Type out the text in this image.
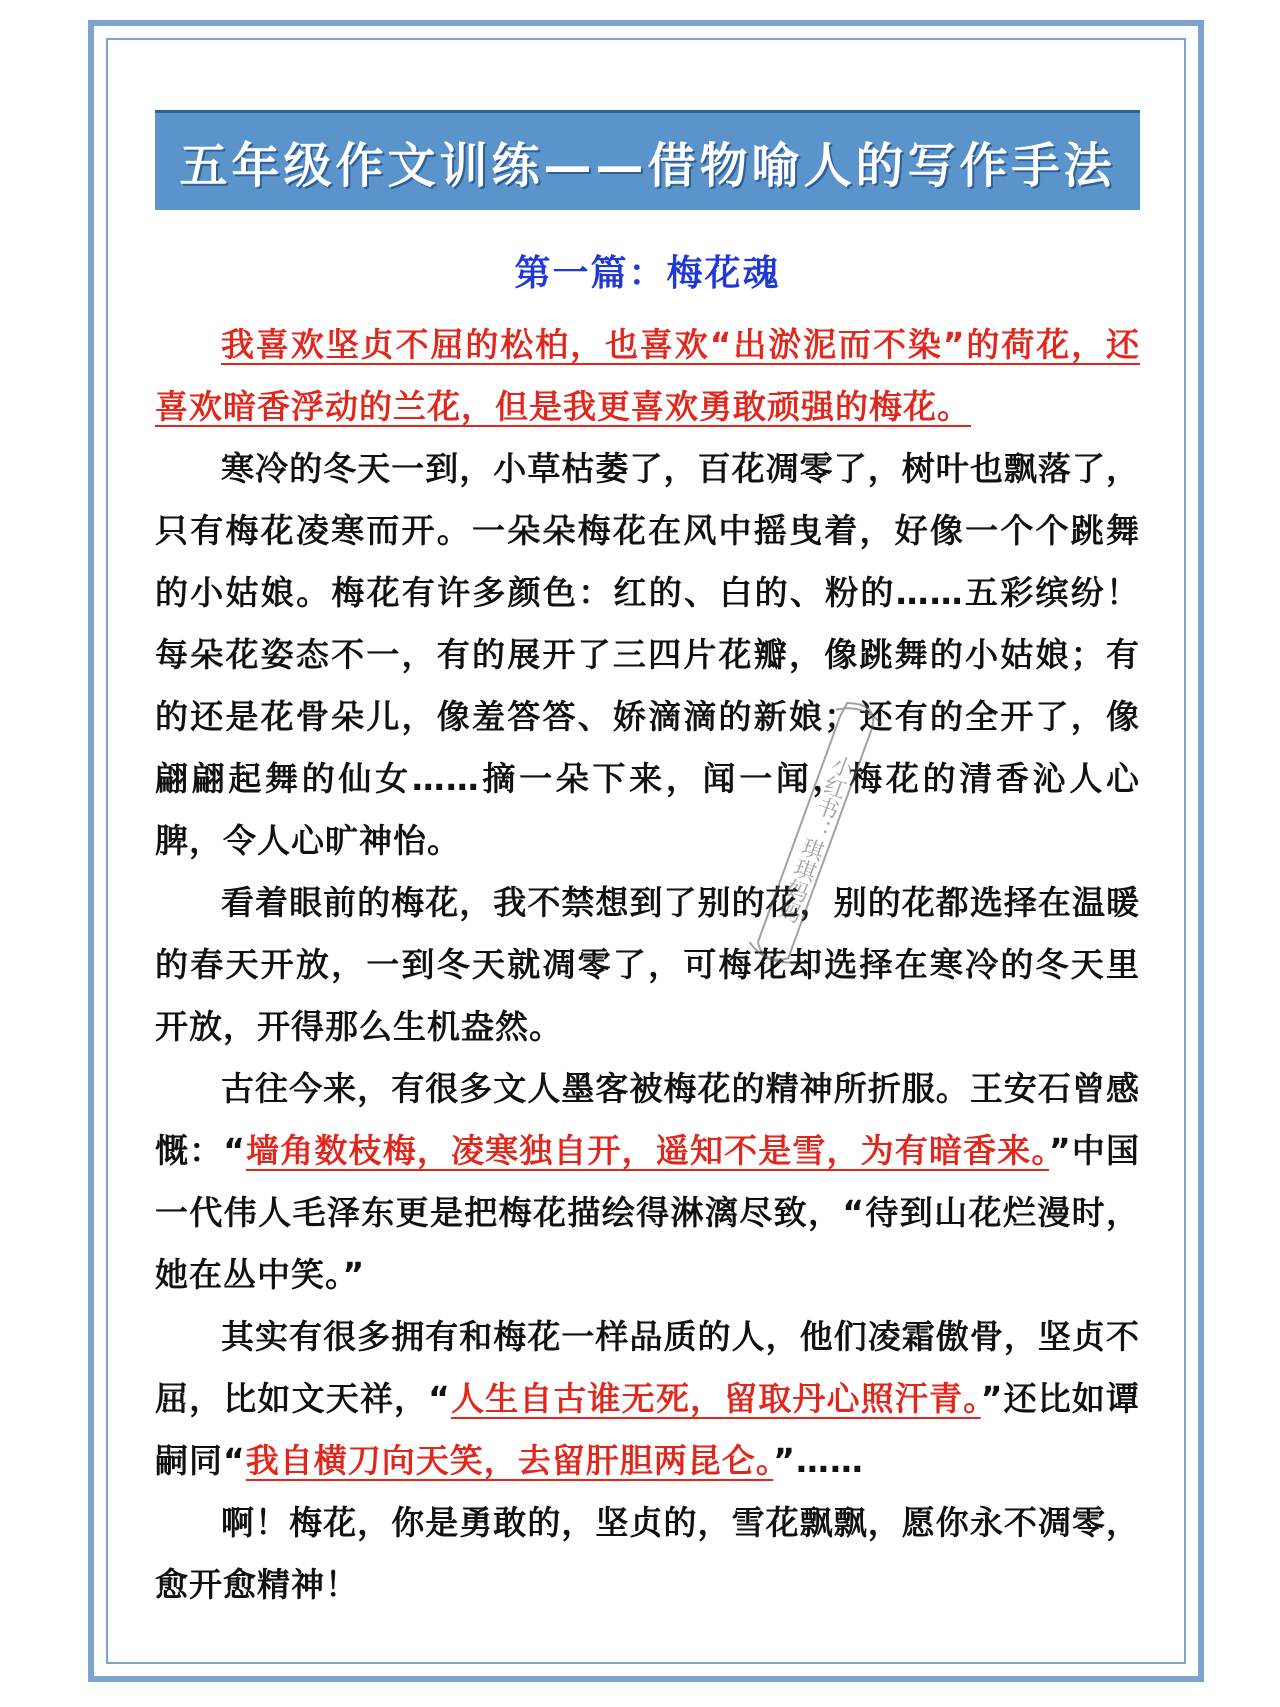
五年级作文训练——借物喻人的写作手法
第一篇：梅花魂

我喜欢坚贞不屈的松柏，也喜欢“出淤泥而不染”的荷花，还喜欢暗香浮动的兰花，但是我更喜欢勇敢顽强的梅花。

寒冷的冬天一到，小草枯萎了，百花凋零了，树叶也飘落了，只有梅花凌寒而开。一朵朵梅花在风中摇曳着，好像一个个跳舞的小姑娘。梅花有许多颜色：红的、白的、粉的……五彩缤纷！每朵花姿态不一，有的展开了三四片花瓣，像跳舞的小姑娘；有的还是花骨朵儿，像羞答答、娇滴滴的新娘；还有的全开了，像翩翩起舞的仙女……摘一朵下来，闻一闻，梅花的清香沁人心脾，令人心旷神怡。

看着眼前的梅花，我不禁想到了别的花，别的花都选择在温暖的春天开放，一到冬天就凋零了，可梅花却选择在寒冷的冬天里开放，开得那么生机盎然。

古往今来，有很多文人墨客被梅花的精神所折服。王安石曾感慨：“墙角数枝梅，凌寒独自开，遥知不是雪，为有暗香来。”中国一代伟人毛泽东更是把梅花描绘得淋漓尽致，“待到山花烂漫时，她在丛中笑。”

其实有很多拥有和梅花一样品质的人，他们凌霜傲骨，坚贞不屈，比如文天祥，“人生自古谁无死，留取丹心照汗青。”还比如谭嗣同“我自横刀向天笑，去留肝胆两昆仑。”……

啊！梅花，你是勇敢的，坚贞的，雪花飘飘，愿你永不凋零，愈开愈精神！

小红书：琪琪妈妈
